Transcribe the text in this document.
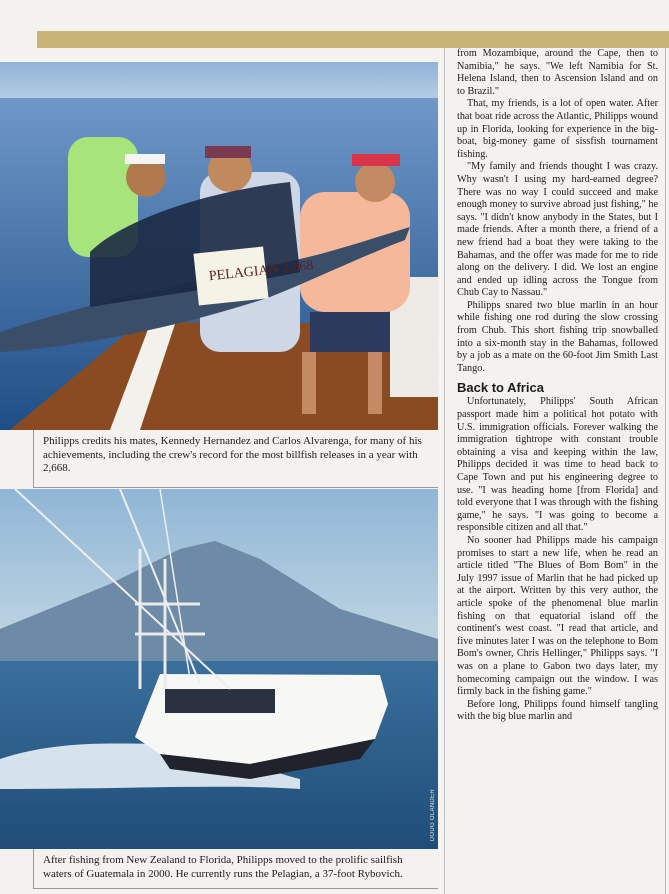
PELAGIAN 2,668
SCOTT KERRIGAN

Philipps credits his mates, Kennedy Hernandez and Carlos Alvarenga, for many of his achievements, including the crew's record for the most billfish releases in a year with 2,668.

DOUG OLANDER

After fishing from New Zealand to Florida, Philipps moved to the prolific sailfish waters of Guatemala in 2000. He currently runs the Pelagian, a 37-foot Rybovich.

from Mozambique, around the Cape, then to Namibia," he says. "We left Namibia for St. Helena Island, then to Ascension Island and on to Brazil."

That, my friends, is a lot of open water. After that boat ride across the Atlantic, Philipps wound up in Florida, looking for experience in the big-boat, big-money game of sissfish tournament fishing.

"My family and friends thought I was crazy. Why wasn't I using my hard-earned degree? There was no way I could succeed and make enough money to survive abroad just fishing," he says. "I didn't know anybody in the States, but I made friends. After a month there, a friend of a new friend had a boat they were taking to the Bahamas, and the offer was made for me to ride along on the delivery. I did. We lost an engine and ended up idling across the Tongue from Chub Cay to Nassau."

Philipps snared two blue marlin in an hour while fishing one rod during the slow crossing from Chub. This short fishing trip snowballed into a six-month stay in the Bahamas, followed by a job as a mate on the 60-foot Jim Smith Last Tango.

Back to Africa

Unfortunately, Philipps' South African passport made him a political hot potato with U.S. immigration officials. Forever walking the immigration tightrope with constant trouble obtaining a visa and keeping within the law, Philipps decided it was time to head back to Cape Town and put his engineering degree to use. "I was heading home [from Florida] and told everyone that I was through with the fishing game," he says. "I was going to become a responsible citizen and all that."

No sooner had Philipps made his campaign promises to start a new life, when he read an article titled "The Blues of Bom Bom" in the July 1997 issue of Marlin that he had picked up at the airport. Written by this very author, the article spoke of the phenomenal blue marlin fishing on that equatorial island off the continent's west coast. "I read that article, and five minutes later I was on the telephone to Bom Bom's owner, Chris Hellinger," Philipps says. "I was on a plane to Gabon two days later, my homecoming campaign out the window. I was firmly back in the fishing game."

Before long, Philipps found himself tangling with the big blue marlin and
